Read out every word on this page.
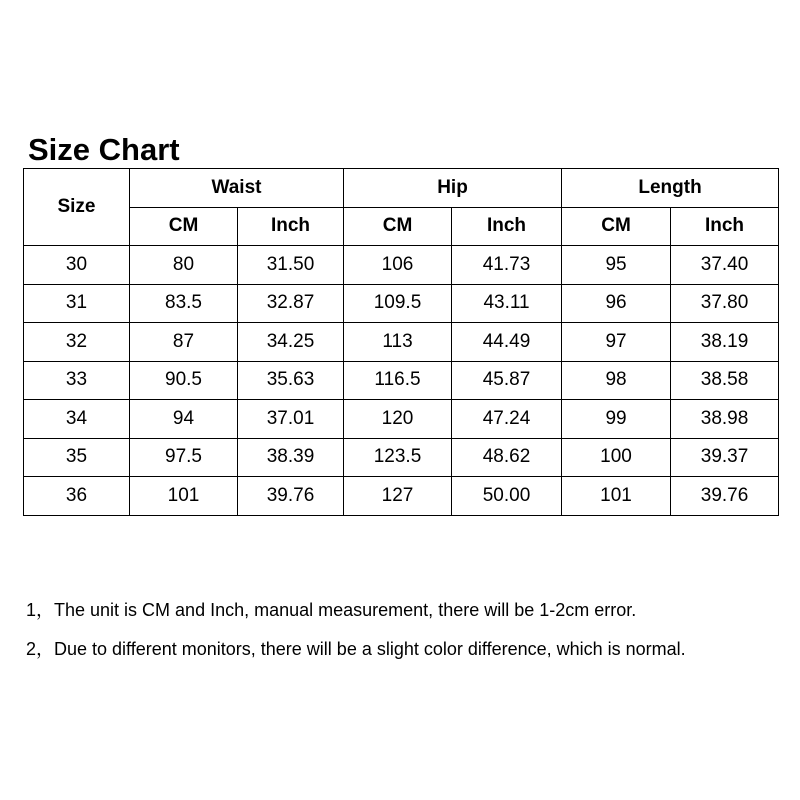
Size Chart
Size	Waist		Hip		Length	
	CM	Inch	CM	Inch	CM	Inch
30	80	31.50	106	41.73	95	37.40
31	83.5	32.87	109.5	43.11	96	37.80
32	87	34.25	113	44.49	97	38.19
33	90.5	35.63	116.5	45.87	98	38.58
34	94	37.01	120	47.24	99	38.98
35	97.5	38.39	123.5	48.62	100	39.37
36	101	39.76	127	50.00	101	39.76

1，The unit is CM and Inch, manual measurement, there will be 1-2cm error.

2，Due to different monitors, there will be a slight color difference, which is normal.
